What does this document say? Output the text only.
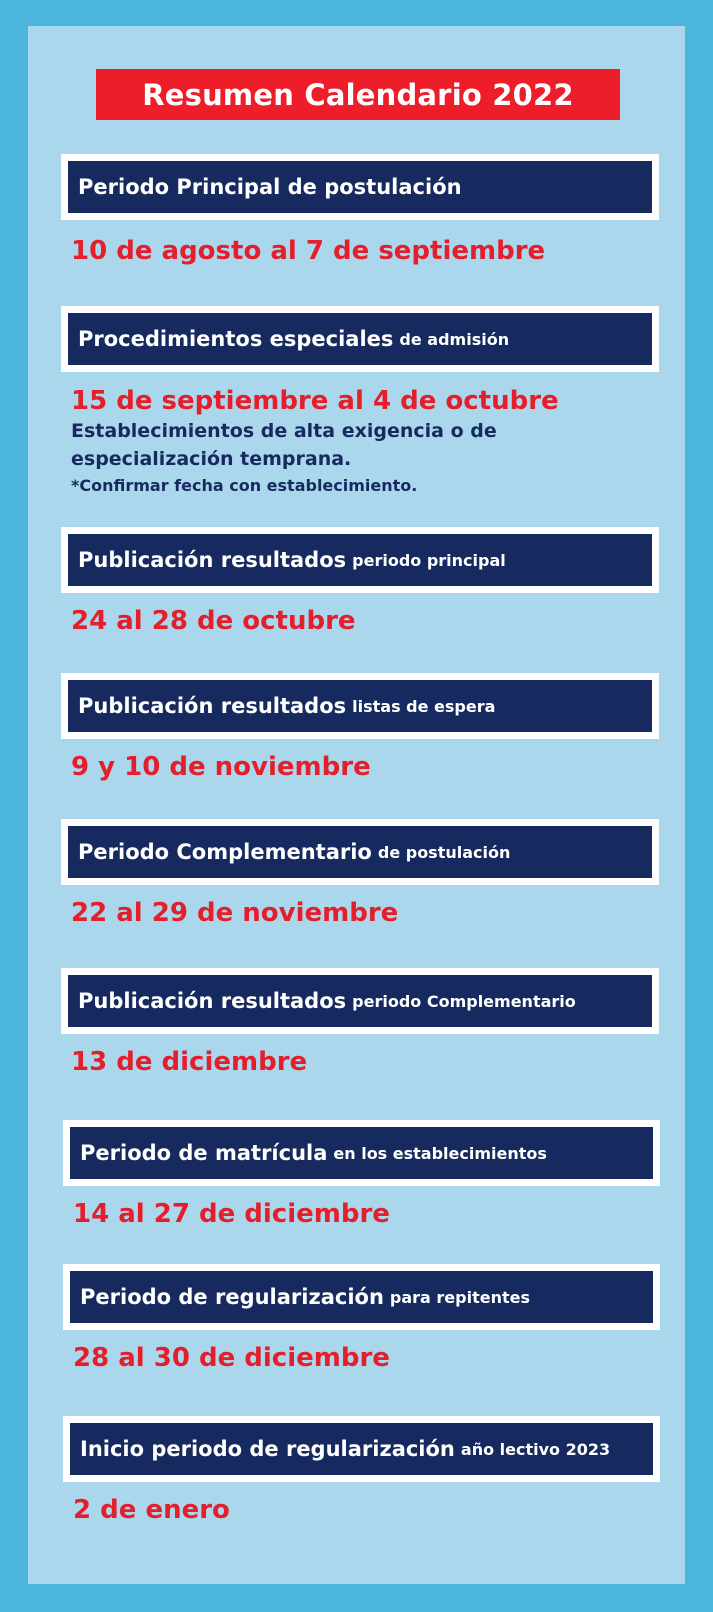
Resumen Calendario 2022
Periodo Principal de postulación
10 de agosto al 7 de septiembre
Procedimientos especiales de admisión
15 de septiembre al 4 de octubre
Establecimientos de alta exigencia o de
especialización temprana.
*Confirmar fecha con establecimiento.
Publicación resultados periodo principal
24 al 28 de octubre
Publicación resultados listas de espera
9 y 10 de noviembre
Periodo Complementario de postulación
22 al 29 de noviembre
Publicación resultados periodo Complementario
13 de diciembre
Periodo de matrícula en los establecimientos
14 al 27 de diciembre
Periodo de regularización para repitentes
28 al 30 de diciembre
Inicio periodo de regularización año lectivo 2023
2 de enero
